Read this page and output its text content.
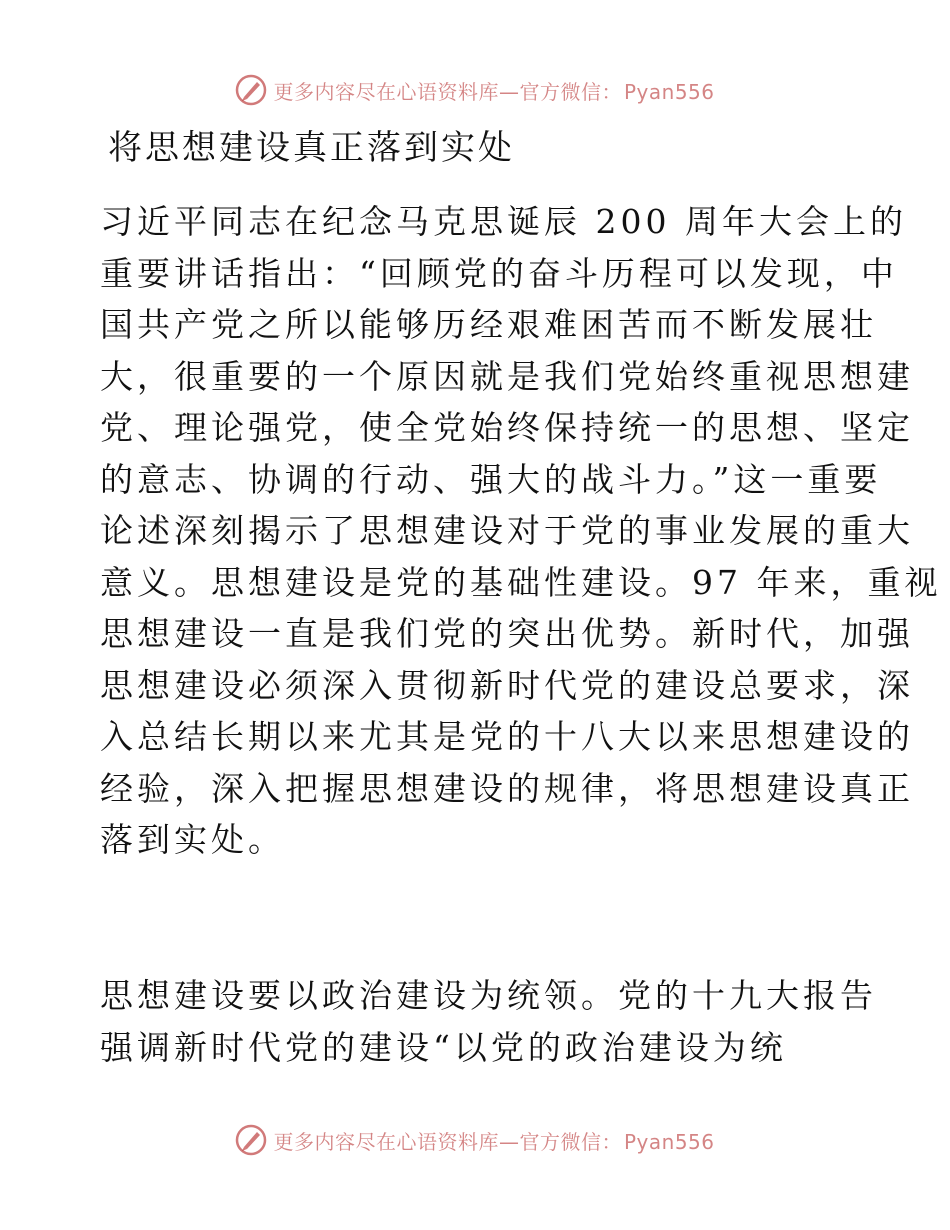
更多内容尽在心语资料库—官方微信： Pyan556
将思想建设真正落到实处

习近平同志在纪念马克思诞辰 200 周年大会上的
重要讲话指出：“回顾党的奋斗历程可以发现，中
国共产党之所以能够历经艰难困苦而不断发展壮
大，很重要的一个原因就是我们党始终重视思想建
党、理论强党，使全党始终保持统一的思想、坚定
的意志、协调的行动、强大的战斗力。”这一重要
论述深刻揭示了思想建设对于党的事业发展的重大
意义。思想建设是党的基础性建设。97 年来，重视
思想建设一直是我们党的突出优势。新时代，加强
思想建设必须深入贯彻新时代党的建设总要求，深
入总结长期以来尤其是党的十八大以来思想建设的
经验，深入把握思想建设的规律，将思想建设真正
落到实处。

思想建设要以政治建设为统领。党的十九大报告
强调新时代党的建设“以党的政治建设为统

更多内容尽在心语资料库—官方微信： Pyan556
